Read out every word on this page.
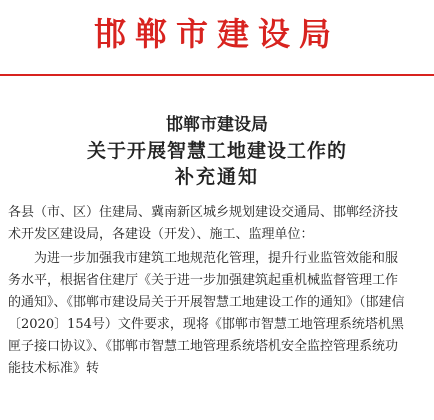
邯郸市建设局
邯郸市建设局
关于开展智慧工地建设工作的
补充通知

各县（市、区）住建局、冀南新区城乡规划建设交通局、邯郸经济技术开发区建设局，各建设（开发）、施工、监理单位：

为进一步加强我市建筑工地规范化管理，提升行业监管效能和服务水平，根据省住建厅《关于进一步加强建筑起重机械监督管理工作的通知》、《邯郸市建设局关于开展智慧工地建设工作的通知》（邯建信〔2020〕154号）文件要求，现将《邯郸市智慧工地管理系统塔机黑匣子接口协议》、《邯郸市智慧工地管理系统塔机安全监控管理系统功能技术标准》转
